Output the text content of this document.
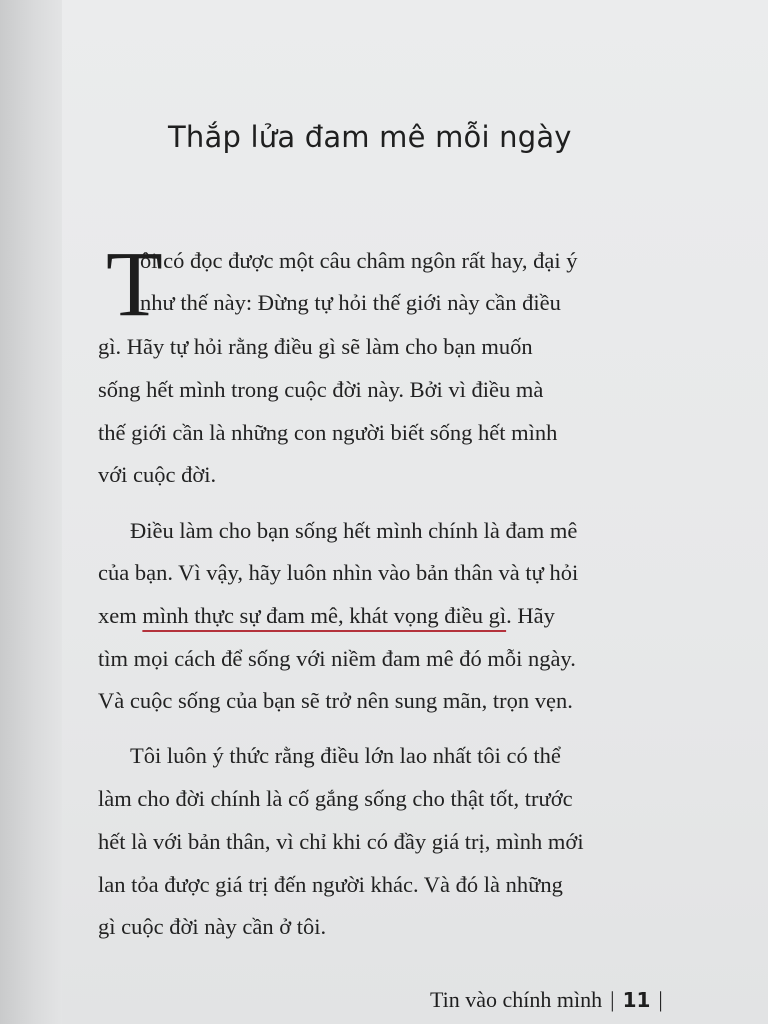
Thắp lửa đam mê mỗi ngày
T
ôi có đọc được một câu châm ngôn rất hay, đại ý
như thế này: Đừng tự hỏi thế giới này cần điều
gì. Hãy tự hỏi rằng điều gì sẽ làm cho bạn muốn
sống hết mình trong cuộc đời này. Bởi vì điều mà
thế giới cần là những con người biết sống hết mình
với cuộc đời.
Điều làm cho bạn sống hết mình chính là đam mê
của bạn. Vì vậy, hãy luôn nhìn vào bản thân và tự hỏi
xem mình thực sự đam mê, khát vọng điều gì. Hãy
tìm mọi cách để sống với niềm đam mê đó mỗi ngày.
Và cuộc sống của bạn sẽ trở nên sung mãn, trọn vẹn.
Tôi luôn ý thức rằng điều lớn lao nhất tôi có thể
làm cho đời chính là cố gắng sống cho thật tốt, trước
hết là với bản thân, vì chỉ khi có đầy giá trị, mình mới
lan tỏa được giá trị đến người khác. Và đó là những
gì cuộc đời này cần ở tôi.
Tin vào chính mình | 11 |
